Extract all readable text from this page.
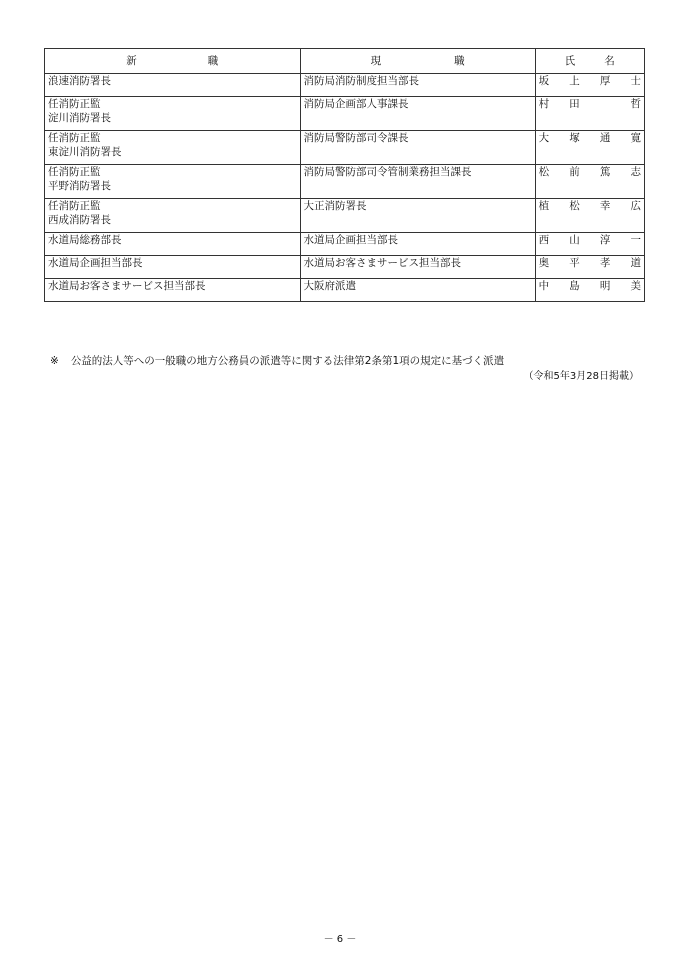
新 職	現 職	氏 名

浪速消防署長	消防局消防制度担当部長	坂 上 厚 士

任消防正監
淀川消防署長	消防局企画部人事課長	村 田 哲

任消防正監
東淀川消防署長	消防局警防部司令課長	大 塚 通 寛

任消防正監
平野消防署長	消防局警防部司令管制業務担当課長	松 前 篤 志

任消防正監
西成消防署長	大正消防署長	植 松 幸 広

水道局総務部長	水道局企画担当部長	西 山 淳 一

水道局企画担当部長	水道局お客さまサービス担当部長	奥 平 孝 道

水道局お客さまサービス担当部長	大阪府派遣	中 島 明 美
※ 公益的法人等への一般職の地方公務員の派遣等に関する法律第2条第1項の規定に基づく派遣
（令和5年3月28日掲載）
－ 6 －
